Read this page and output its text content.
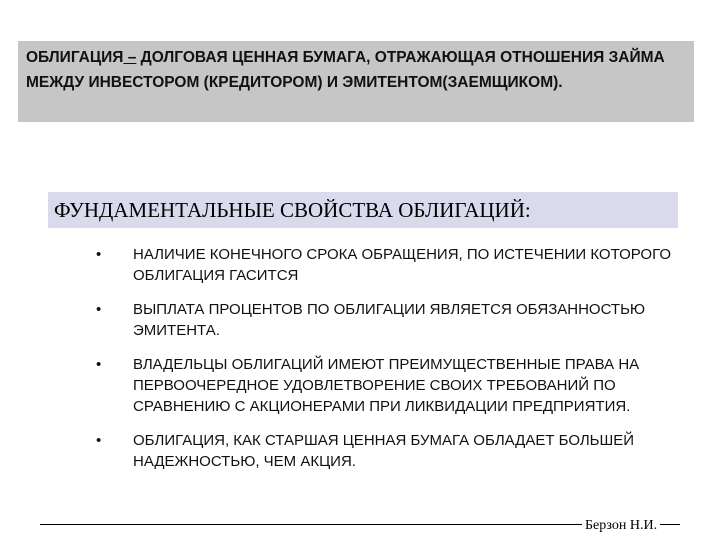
ОБЛИГАЦИЯ – ДОЛГОВАЯ ЦЕННАЯ БУМАГА, ОТРАЖАЮЩАЯ ОТНОШЕНИЯ ЗАЙМА МЕЖДУ ИНВЕСТОРОМ (КРЕДИТОРОМ) И ЭМИТЕНТОМ(ЗАЕМЩИКОМ).
ФУНДАМЕНТАЛЬНЫЕ СВОЙСТВА ОБЛИГАЦИЙ:
• НАЛИЧИЕ КОНЕЧНОГО СРОКА ОБРАЩЕНИЯ, ПО ИСТЕЧЕНИИ КОТОРОГО ОБЛИГАЦИЯ ГАСИТСЯ
• ВЫПЛАТА ПРОЦЕНТОВ ПО ОБЛИГАЦИИ ЯВЛЯЕТСЯ ОБЯЗАННОСТЬЮ ЭМИТЕНТА.
• ВЛАДЕЛЬЦЫ ОБЛИГАЦИЙ ИМЕЮТ ПРЕИМУЩЕСТВЕННЫЕ ПРАВА НА ПЕРВООЧЕРЕДНОЕ УДОВЛЕТВОРЕНИЕ СВОИХ ТРЕБОВАНИЙ ПО СРАВНЕНИЮ С АКЦИОНЕРАМИ ПРИ ЛИКВИДАЦИИ ПРЕДПРИЯТИЯ.
• ОБЛИГАЦИЯ, КАК СТАРШАЯ ЦЕННАЯ БУМАГА ОБЛАДАЕТ БОЛЬШЕЙ НАДЕЖНОСТЬЮ, ЧЕМ АКЦИЯ.
Берзон Н.И.
